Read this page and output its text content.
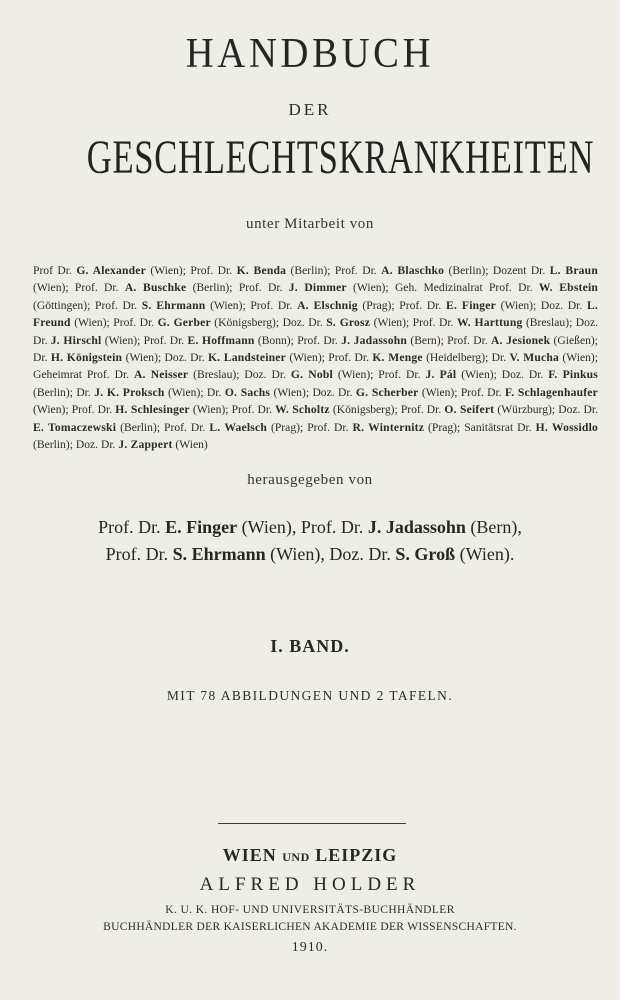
HANDBUCH
DER
GESCHLECHTSKRANKHEITEN
unter Mitarbeit von
Prof Dr. G. Alexander (Wien); Prof. Dr. K. Benda (Berlin); Prof. Dr. A. Blaschko (Berlin); Dozent Dr. L. Braun (Wien); Prof. Dr. A. Buschke (Berlin); Prof. Dr. J. Dimmer (Wien); Geh. Medizinalrat Prof. Dr. W. Ebstein (Göttingen); Prof. Dr. S. Ehrmann (Wien); Prof. Dr. A. Elschnig (Prag); Prof. Dr. E. Finger (Wien); Doz. Dr. L. Freund (Wien); Prof. Dr. G. Gerber (Königsberg); Doz. Dr. S. Grosz (Wien); Prof. Dr. W. Harttung (Breslau); Doz. Dr. J. Hirschl (Wien); Prof. Dr. E. Hoffmann (Bonn); Prof. Dr. J. Jadassohn (Bern); Prof. Dr. A. Jesionek (Gießen); Dr. H. Königstein (Wien); Doz. Dr. K. Landsteiner (Wien); Prof. Dr. K. Menge (Heidelberg); Dr. V. Mucha (Wien); Geheimrat Prof. Dr. A. Neisser (Breslau); Doz. Dr. G. Nobl (Wien); Prof. Dr. J. Pál (Wien); Doz. Dr. F. Pinkus (Berlin); Dr. J. K. Proksch (Wien); Dr. O. Sachs (Wien); Doz. Dr. G. Scherber (Wien); Prof. Dr. F. Schlagenhaufer (Wien); Prof. Dr. H. Schlesinger (Wien); Prof. Dr. W. Scholtz (Königsberg); Prof. Dr. O. Seifert (Würzburg); Doz. Dr. E. Tomaczewski (Berlin); Prof. Dr. L. Waelsch (Prag); Prof. Dr. R. Winternitz (Prag); Sanitätsrat Dr. H. Wossidlo (Berlin); Doz. Dr. J. Zappert (Wien)
herausgegeben von
Prof. Dr. E. Finger (Wien), Prof. Dr. J. Jadassohn (Bern),
Prof. Dr. S. Ehrmann (Wien), Doz. Dr. S. Groß (Wien).
I. BAND.
MIT 78 ABBILDUNGEN UND 2 TAFELN.
WIEN UND LEIPZIG
ALFRED HOLDER
K. U. K. HOF- UND UNIVERSITÄTS-BUCHHÄNDLER
BUCHHÄNDLER DER KAISERLICHEN AKADEMIE DER WISSENSCHAFTEN.
1910.
